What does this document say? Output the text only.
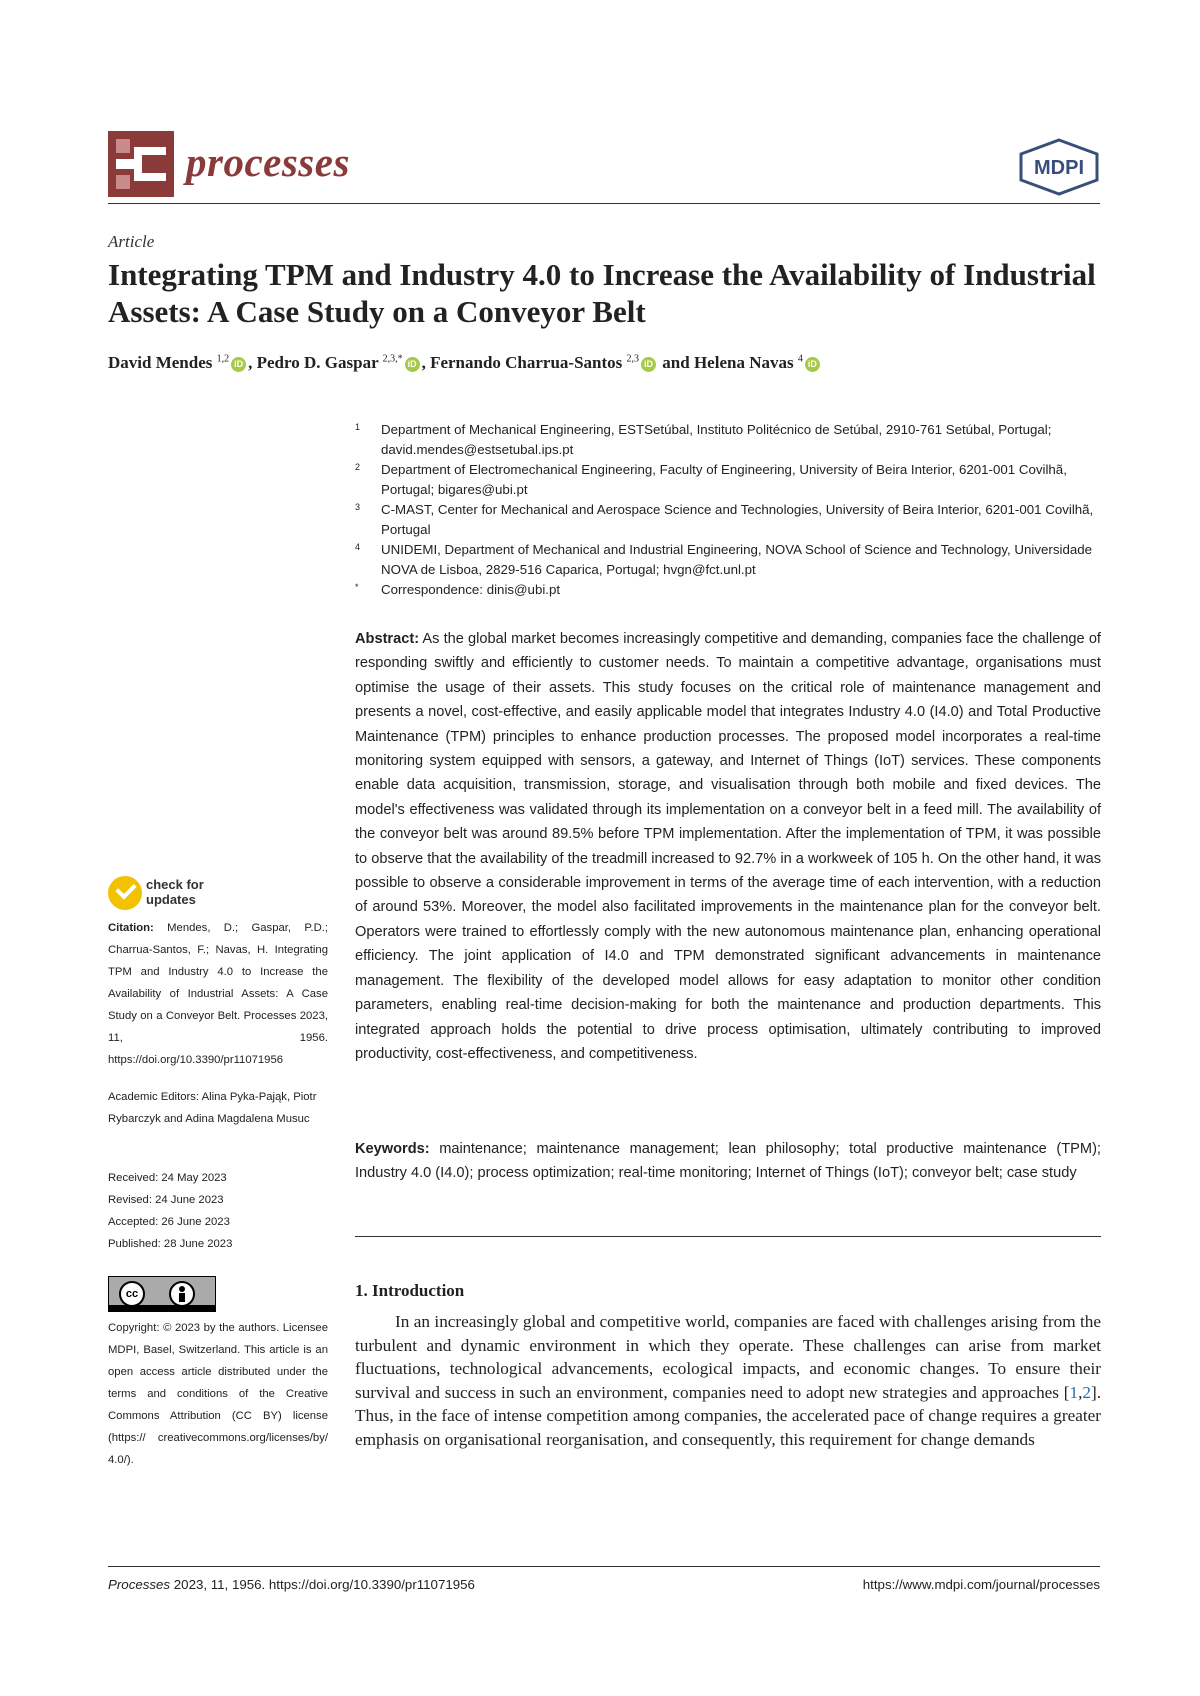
processes	MDPI
Article
Integrating TPM and Industry 4.0 to Increase the Availability of Industrial Assets: A Case Study on a Conveyor Belt
David Mendes $^{1,2}$ iD , Pedro D. Gaspar $^{2,3,*}$ iD , Fernando Charrua-Santos $^{2,3}$ iD and Helena Navas $^4$ iD
1 Department of Mechanical Engineering, ESTSetúbal, Instituto Politécnico de Setúbal, 2910-761 Setúbal, Portugal; david.mendes@estsetubal.ips.pt
2 Department of Electromechanical Engineering, Faculty of Engineering, University of Beira Interior, 6201-001 Covilhã, Portugal; bigares@ubi.pt
3 C-MAST, Center for Mechanical and Aerospace Science and Technologies, University of Beira Interior, 6201-001 Covilhã, Portugal
4 UNIDEMI, Department of Mechanical and Industrial Engineering, NOVA School of Science and Technology, Universidade NOVA de Lisboa, 2829-516 Caparica, Portugal; hvgn@fct.unl.pt
* Correspondence: dinis@ubi.pt

Abstract: As the global market becomes increasingly competitive and demanding, companies face the challenge of responding swiftly and efficiently to customer needs. To maintain a competitive advantage, organisations must optimise the usage of their assets. This study focuses on the critical role of maintenance management and presents a novel, cost-effective, and easily applicable model that integrates Industry 4.0 (I4.0) and Total Productive Maintenance (TPM) principles to enhance production processes. The proposed model incorporates a real-time monitoring system equipped with sensors, a gateway, and Internet of Things (IoT) services. These components enable data acquisition, transmission, storage, and visualisation through both mobile and fixed devices. The model's effectiveness was validated through its implementation on a conveyor belt in a feed mill. The availability of the conveyor belt was around 89.5% before TPM implementation. After the implementation of TPM, it was possible to observe that the availability of the treadmill increased to 92.7% in a workweek of 105 h. On the other hand, it was possible to observe a considerable improvement in terms of the average time of each intervention, with a reduction of around 53%. Moreover, the model also facilitated improvements in the maintenance plan for the conveyor belt. Operators were trained to effortlessly comply with the new autonomous maintenance plan, enhancing operational efficiency. The joint application of I4.0 and TPM demonstrated significant advancements in maintenance management. The flexibility of the developed model allows for easy adaptation to monitor other condition parameters, enabling real-time decision-making for both the maintenance and production departments. This integrated approach holds the potential to drive process optimisation, ultimately contributing to improved productivity, cost-effectiveness, and competitiveness.

Keywords: maintenance; maintenance management; lean philosophy; total productive maintenance (TPM); Industry 4.0 (I4.0); process optimization; real-time monitoring; Internet of Things (IoT); conveyor belt; case study

1. Introduction

In an increasingly global and competitive world, companies are faced with challenges arising from the turbulent and dynamic environment in which they operate. These challenges can arise from market fluctuations, technological advancements, ecological impacts, and economic changes. To ensure their survival and success in such an environment, companies need to adopt new strategies and approaches [1,2]. Thus, in the face of intense competition among companies, the accelerated pace of change requires a greater emphasis on organisational reorganisation, and consequently, this requirement for change demands

check for updates
Citation: Mendes, D.; Gaspar, P.D.; Charrua-Santos, F.; Navas, H. Integrating TPM and Industry 4.0 to Increase the Availability of Industrial Assets: A Case Study on a Conveyor Belt. Processes 2023, 11, 1956. https://doi.org/10.3390/pr11071956
Academic Editors: Alina Pyka-Pająk, Piotr Rybarczyk and Adina Magdalena Musuc
Received: 24 May 2023
Revised: 24 June 2023
Accepted: 26 June 2023
Published: 28 June 2023
cc
Copyright: © 2023 by the authors. Licensee MDPI, Basel, Switzerland. This article is an open access article distributed under the terms and conditions of the Creative Commons Attribution (CC BY) license (https:// creativecommons.org/licenses/by/ 4.0/).
Processes 2023, 11, 1956. https://doi.org/10.3390/pr11071956	https://www.mdpi.com/journal/processes
